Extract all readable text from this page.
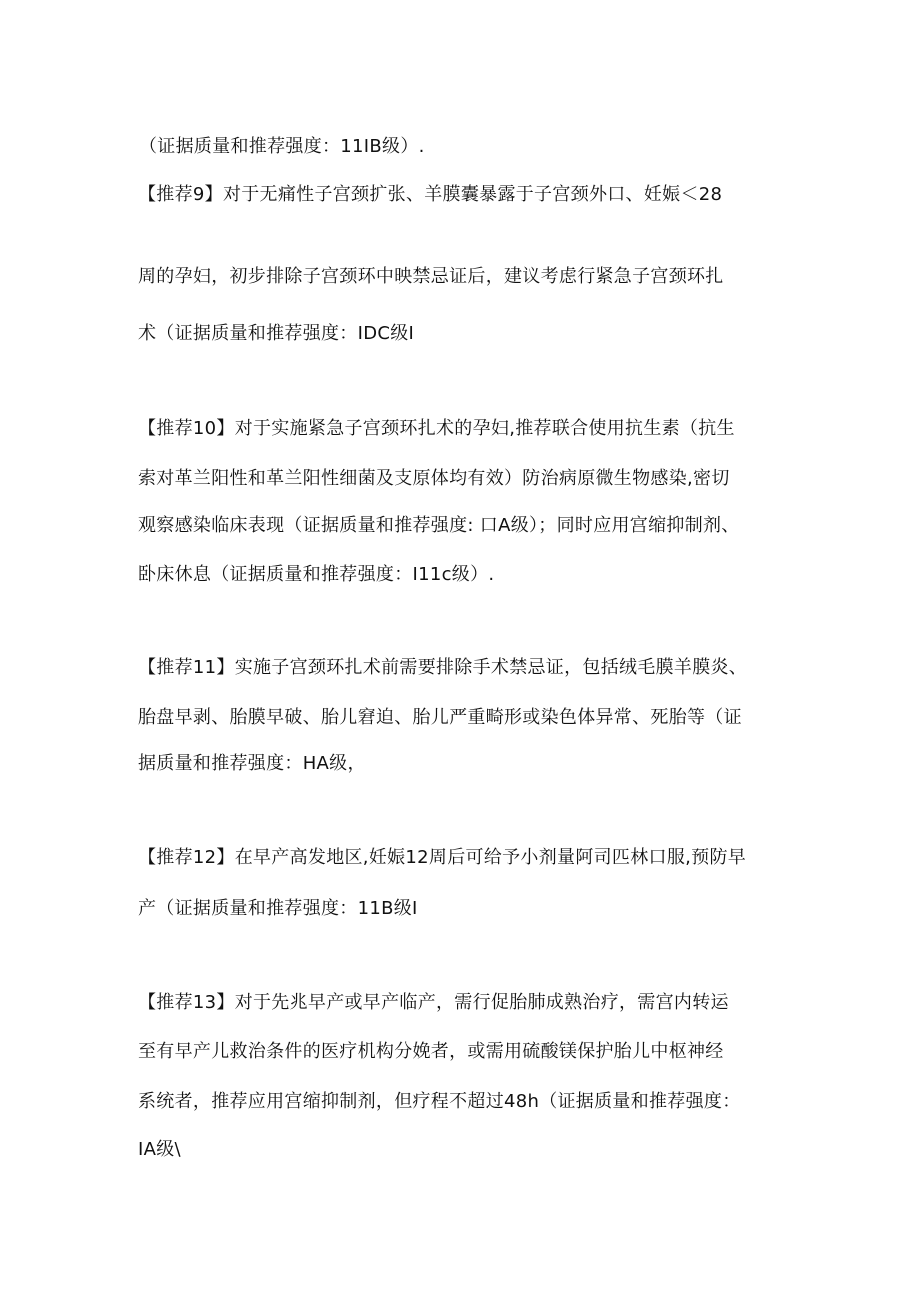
（证据质量和推荐强度：11IB级）.
【推荐9】对于无痛性子宫颈扩张、羊膜囊暴露于子宫颈外口、妊娠＜28
周的孕妇，初步排除子宫颈环中映禁忌证后，建议考虑行紧急子宫颈环扎
术（证据质量和推荐强度：IDC级I
【推荐10】对于实施紧急子宫颈环扎术的孕妇,推荐联合使用抗生素（抗生
索对革兰阳性和革兰阳性细菌及支原体均有效）防治病原微生物感染,密切
观察感染临床表现（证据质量和推荐强度: 口A级）；同时应用宫缩抑制剂、
卧床休息（证据质量和推荐强度：I11c级）.
【推荐11】实施子宫颈环扎术前需要排除手术禁忌证，包括绒毛膜羊膜炎、
胎盘早剥、胎膜早破、胎儿窘迫、胎儿严重畸形或染色体异常、死胎等（证
据质量和推荐强度：HA级，
【推荐12】在早产高发地区,妊娠12周后可给予小剂量阿司匹林口服,预防早
产（证据质量和推荐强度：11B级I
【推荐13】对于先兆早产或早产临产，需行促胎肺成熟治疗，需宫内转运
至有早产儿救治条件的医疗机构分娩者，或需用硫酸镁保护胎儿中枢神经
系统者，推荐应用宫缩抑制剂，但疗程不超过48h（证据质量和推荐强度：
IA级\
